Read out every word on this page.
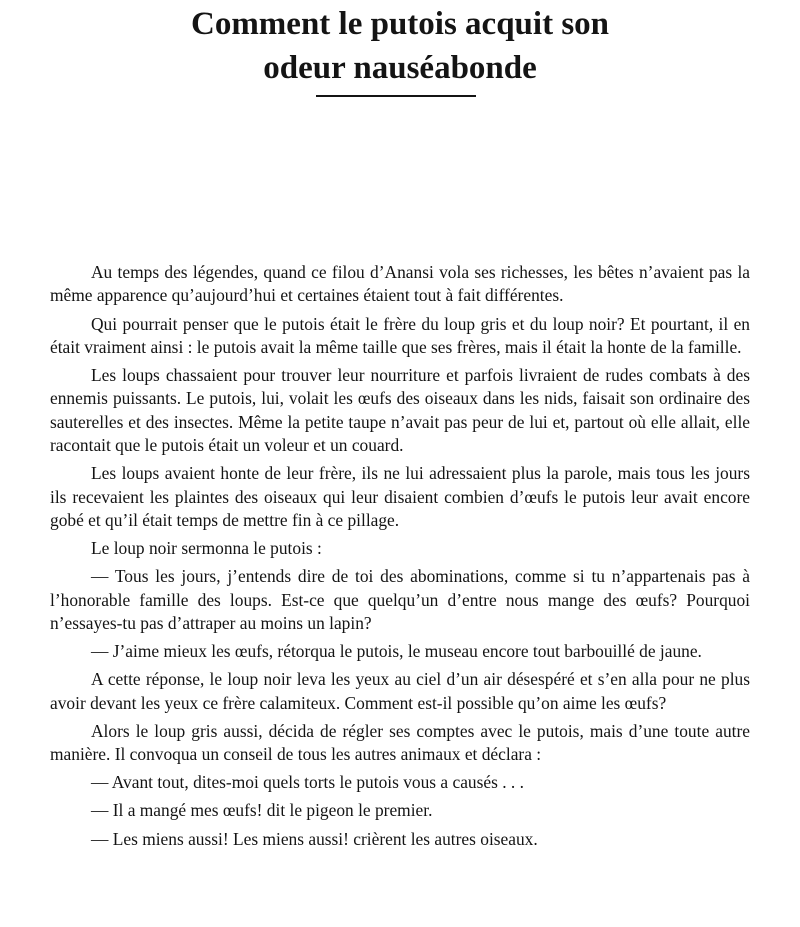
Comment le putois acquit son
odeur nauséabonde

Au temps des légendes, quand ce filou d’Anansi vola ses richesses, les bêtes n’avaient pas la même apparence qu’aujourd’hui et certaines étaient tout à fait différentes.

Qui pourrait penser que le putois était le frère du loup gris et du loup noir? Et pourtant, il en était vraiment ainsi : le putois avait la même taille que ses frères, mais il était la honte de la famille.

Les loups chassaient pour trouver leur nourriture et parfois livraient de rudes combats à des ennemis puissants. Le putois, lui, volait les œufs des oiseaux dans les nids, faisait son ordinaire des sauterelles et des insectes. Même la petite taupe n’avait pas peur de lui et, partout où elle allait, elle racontait que le putois était un voleur et un couard.

Les loups avaient honte de leur frère, ils ne lui adressaient plus la parole, mais tous les jours ils recevaient les plaintes des oiseaux qui leur disaient combien d’œufs le putois leur avait encore gobé et qu’il était temps de mettre fin à ce pillage.

Le loup noir sermonna le putois :

— Tous les jours, j’entends dire de toi des abominations, comme si tu n’appartenais pas à l’honorable famille des loups. Est-ce que quelqu’un d’entre nous mange des œufs? Pourquoi n’essayes-tu pas d’attraper au moins un lapin?

— J’aime mieux les œufs, rétorqua le putois, le museau encore tout barbouillé de jaune.

A cette réponse, le loup noir leva les yeux au ciel d’un air désespéré et s’en alla pour ne plus avoir devant les yeux ce frère calamiteux. Comment est-il possible qu’on aime les œufs?

Alors le loup gris aussi, décida de régler ses comptes avec le putois, mais d’une toute autre manière. Il convoqua un conseil de tous les autres animaux et déclara :

— Avant tout, dites-moi quels torts le putois vous a causés . . .

— Il a mangé mes œufs! dit le pigeon le premier.

— Les miens aussi! Les miens aussi! crièrent les autres oiseaux.
